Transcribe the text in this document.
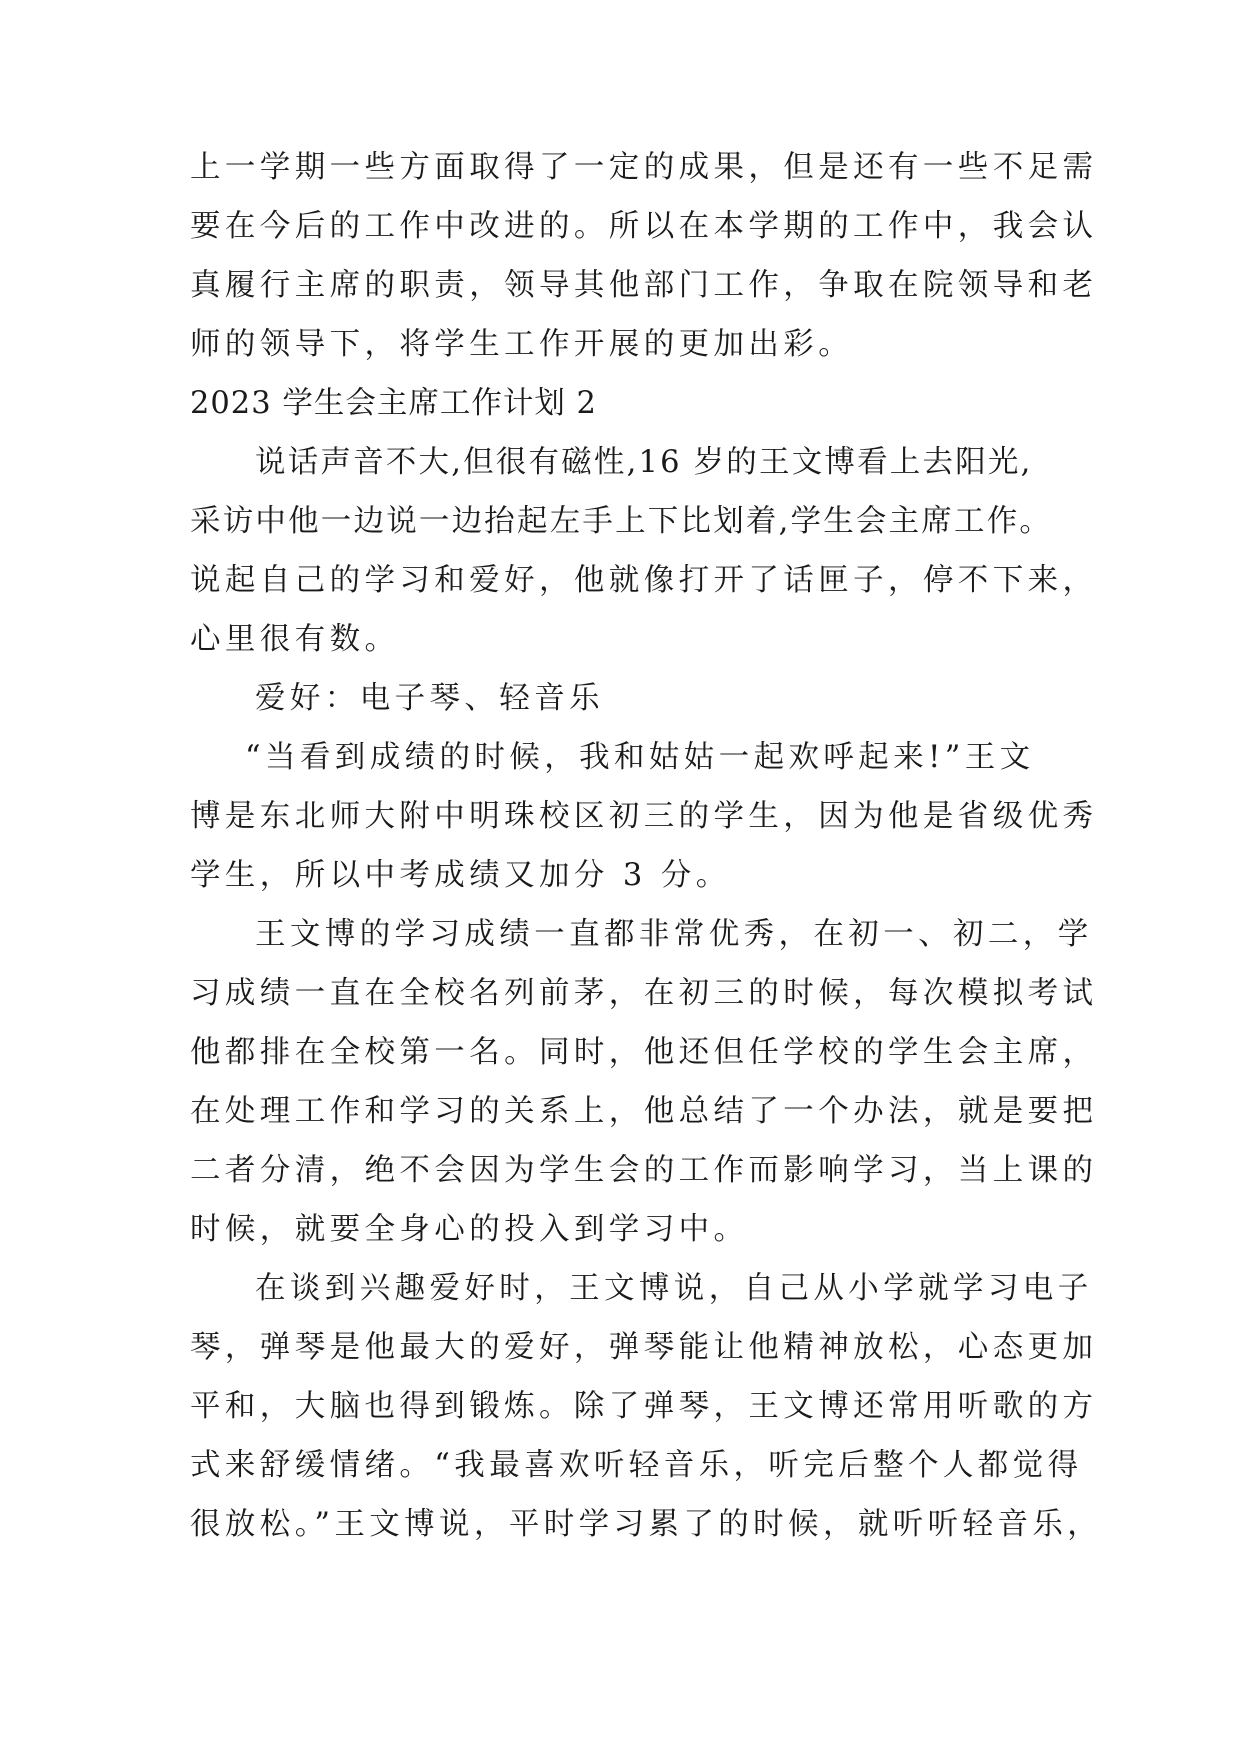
上一学期一些方面取得了一定的成果，但是还有一些不足需
要在今后的工作中改进的。所以在本学期的工作中，我会认
真履行主席的职责，领导其他部门工作，争取在院领导和老
师的领导下，将学生工作开展的更加出彩。
2023 学生会主席工作计划 2
说话声音不大,但很有磁性,16 岁的王文博看上去阳光,
采访中他一边说一边抬起左手上下比划着,学生会主席工作。
说起自己的学习和爱好，他就像打开了话匣子，停不下来，
心里很有数。
爱好：电子琴、轻音乐
“当看到成绩的时候，我和姑姑一起欢呼起来!”王文
博是东北师大附中明珠校区初三的学生，因为他是省级优秀
学生，所以中考成绩又加分 3 分。
王文博的学习成绩一直都非常优秀，在初一、初二，学
习成绩一直在全校名列前茅，在初三的时候，每次模拟考试
他都排在全校第一名。同时，他还但任学校的学生会主席，
在处理工作和学习的关系上，他总结了一个办法，就是要把
二者分清，绝不会因为学生会的工作而影响学习，当上课的
时候，就要全身心的投入到学习中。
在谈到兴趣爱好时，王文博说，自己从小学就学习电子
琴，弹琴是他最大的爱好，弹琴能让他精神放松，心态更加
平和，大脑也得到锻炼。除了弹琴，王文博还常用听歌的方
式来舒缓情绪。“我最喜欢听轻音乐，听完后整个人都觉得
很放松。”王文博说，平时学习累了的时候，就听听轻音乐，
